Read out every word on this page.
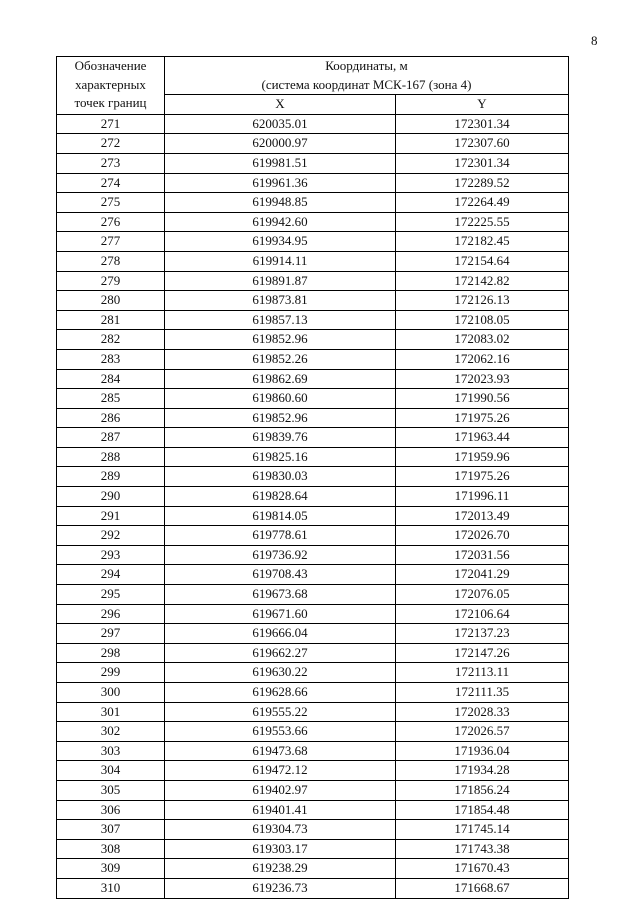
8
Обозначение
характерных
точек границ	Координаты, м
(система координат МСК-167 (зона 4)	

	X	Y
271	620035.01	172301.34
272	620000.97	172307.60
273	619981.51	172301.34
274	619961.36	172289.52
275	619948.85	172264.49
276	619942.60	172225.55
277	619934.95	172182.45
278	619914.11	172154.64
279	619891.87	172142.82
280	619873.81	172126.13
281	619857.13	172108.05
282	619852.96	172083.02
283	619852.26	172062.16
284	619862.69	172023.93
285	619860.60	171990.56
286	619852.96	171975.26
287	619839.76	171963.44
288	619825.16	171959.96
289	619830.03	171975.26
290	619828.64	171996.11
291	619814.05	172013.49
292	619778.61	172026.70
293	619736.92	172031.56
294	619708.43	172041.29
295	619673.68	172076.05
296	619671.60	172106.64
297	619666.04	172137.23
298	619662.27	172147.26
299	619630.22	172113.11
300	619628.66	172111.35
301	619555.22	172028.33
302	619553.66	172026.57
303	619473.68	171936.04
304	619472.12	171934.28
305	619402.97	171856.24
306	619401.41	171854.48
307	619304.73	171745.14
308	619303.17	171743.38
309	619238.29	171670.43
310	619236.73	171668.67
